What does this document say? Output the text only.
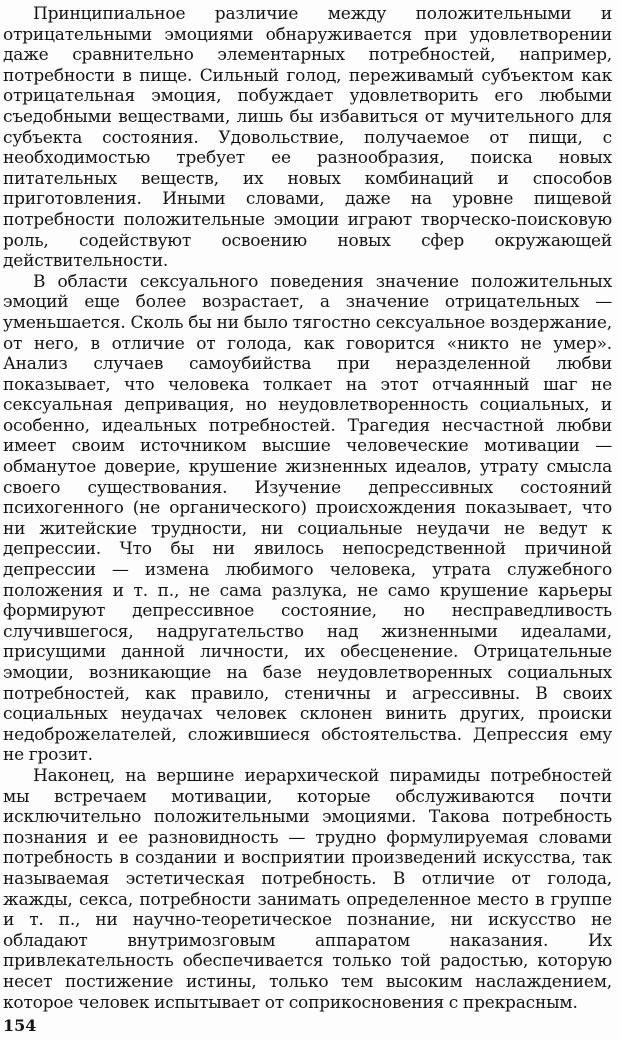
Принципиальное различие между положительными и отрицательными эмоциями обнаруживается при удовлетворении даже сравнительно элементарных потребностей, например, потребности в пище. Сильный голод, переживамый субъектом как отрицательная эмоция, побуждает удовлетворить его любыми съедобными веществами, лишь бы избавиться от мучительного для субъекта состояния. Удовольствие, получаемое от пищи, с необходимостью требует ее разнообразия, поиска новых питательных веществ, их новых комбинаций и способов приготовления. Иными словами, даже на уровне пищевой потребности положительные эмоции играют творческо-поисковую роль, содействуют освоению новых сфер окружающей действительности.

В области сексуального поведения значение положительных эмоций еще более возрастает, а значение отрицательных — уменьшается. Сколь бы ни было тягостно сексуальное воздержание, от него, в отличие от голода, как говорится «никто не умер». Анализ случаев самоубийства при неразделенной любви показывает, что человека толкает на этот отчаянный шаг не сексуальная депривация, но неудовлетворенность социальных, и особенно, идеальных потребностей. Трагедия несчастной любви имеет своим источником высшие человеческие мотивации — обманутое доверие, крушение жизненных идеалов, утрату смысла своего существования. Изучение депрессивных состояний психогенного (не органического) происхождения показывает, что ни житейские трудности, ни социальные неудачи не ведут к депрессии. Что бы ни явилось непосредственной причиной депрессии — измена любимого человека, утрата служебного положения и т. п., не сама разлука, не само крушение карьеры формируют депрессивное состояние, но несправедливость случившегося, надругательство над жизненными идеалами, присущими данной личности, их обесценение. Отрицательные эмоции, возникающие на базе неудовлетворенных социальных потребностей, как правило, стеничны и агрессивны. В своих социальных неудачах человек склонен винить других, происки недоброжелателей, сложившиеся обстоятельства. Депрессия ему не грозит.

Наконец, на вершине иерархической пирамиды потребностей мы встречаем мотивации, которые обслуживаются почти исключительно положительными эмоциями. Такова потребность познания и ее разновидность — трудно формулируемая словами потребность в создании и восприятии произведений искусства, так называемая эстетическая потребность. В отличие от голода, жажды, секса, потребности занимать определенное место в группе и т. п., ни научно-теоретическое познание, ни искусство не обладают внутримозговым аппаратом наказания. Их привлекательность обеспечивается только той радостью, которую несет постижение истины, только тем высоким наслаждением, которое человек испытывает от соприкосновения с прекрасным.

154
